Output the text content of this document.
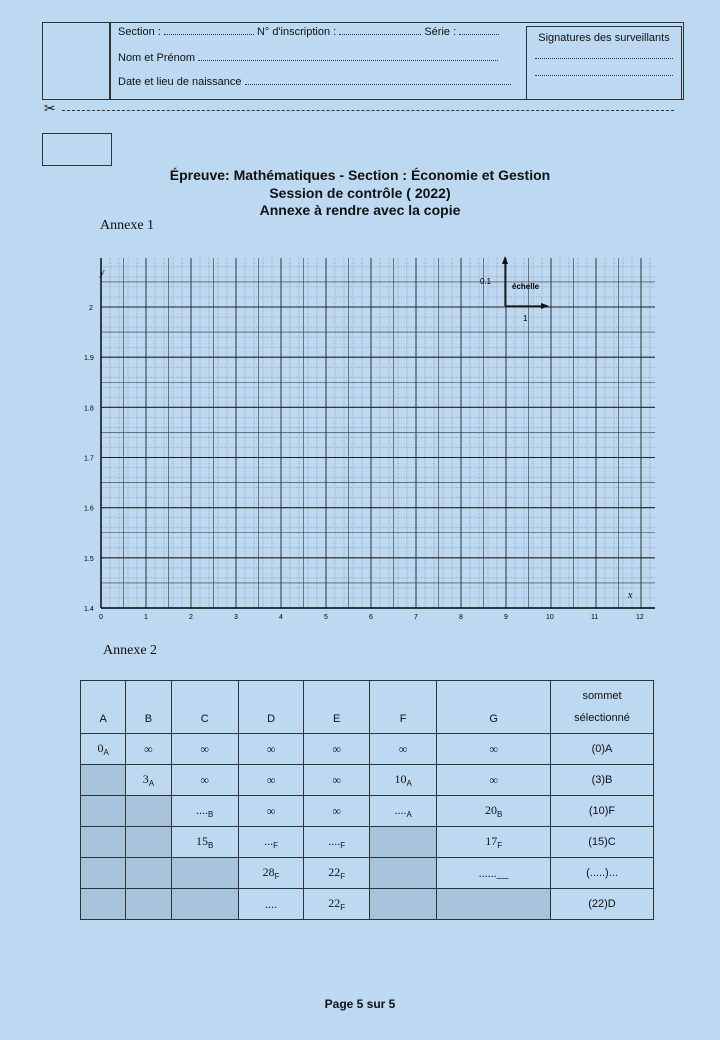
Section :	N° d'inscription :	Série :
Nom et Prénom
Date et lieu de naissance
Signatures des surveillants
✂
Épreuve: Mathématiques - Section : Économie et Gestion
Session de contrôle ( 2022)
Annexe à rendre avec la copie
Annexe 1
0	1	2	3	4	5	6	7	8	9	10	11	12
1.4
1.5
1.6
1.7
1.8
1.9
2
0.1
échelle
1
y
x
Annexe 2
A	B	C	D	E	F	G	sommet
sélectionné

$0_A$	∞	∞	∞	∞	∞	∞	(0)A
	$3_A$	∞	∞	∞	$10_A$	∞	(3)B
		$...._B$	∞	∞	$...._A$	$20_B$	(10)F
		$15_B$	$..._F$	$...._F$		$17_F$	(15)C
			$28_F$	$22_F$		......__	(.....)...
			....	$22_F$			(22)D
Page 5 sur 5
